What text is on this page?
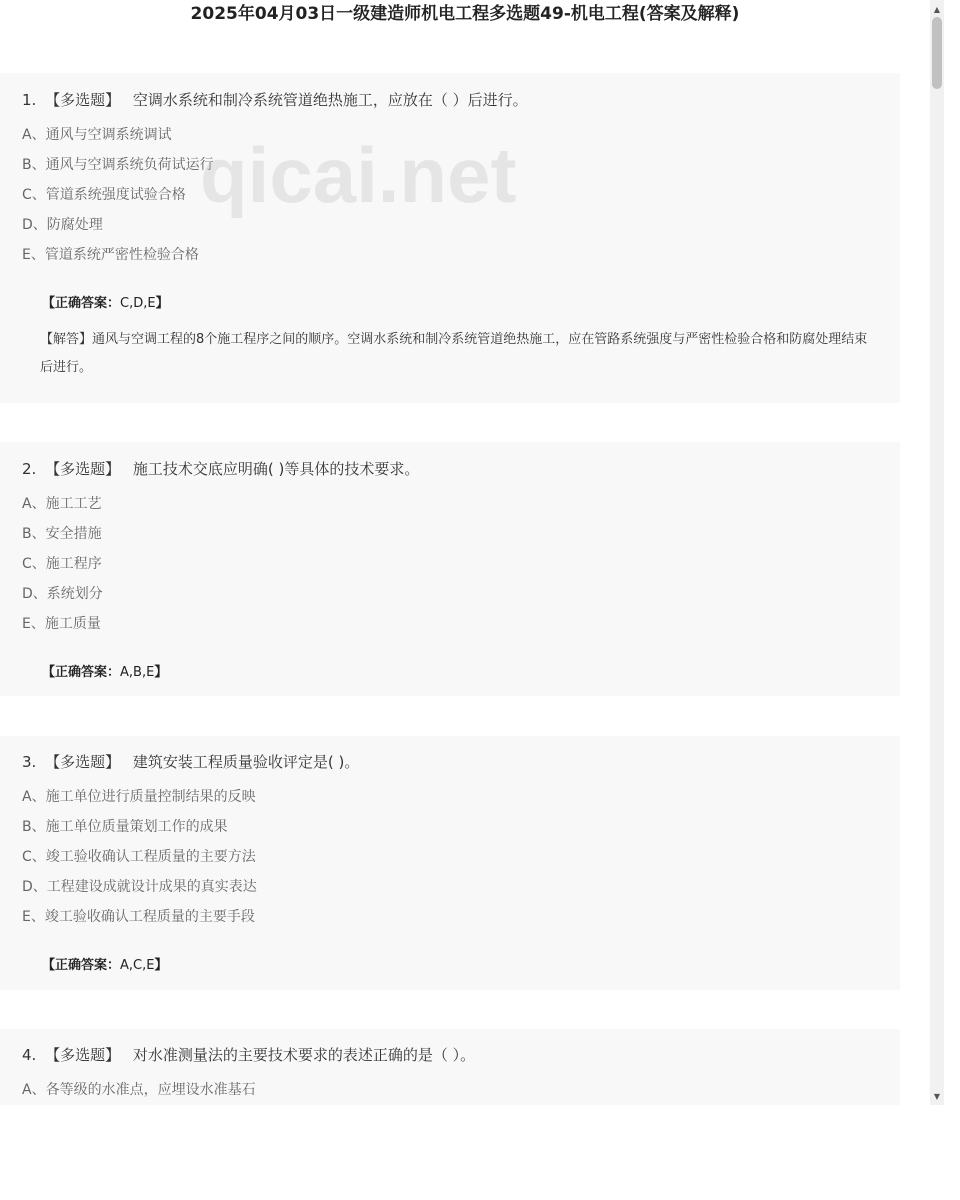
2025年04月03日一级建造师机电工程多选题49-机电工程(答案及解释)
1. 【多选题】 空调水系统和制冷系统管道绝热施工，应放在（ ）后进行。
A、通风与空调系统调试
B、通风与空调系统负荷试运行
C、管道系统强度试验合格
D、防腐处理
E、管道系统严密性检验合格
【正确答案：C,D,E】
【解答】通风与空调工程的8个施工程序之间的顺序。空调水系统和制冷系统管道绝热施工，应在管路系统强度与严密性检验合格和防腐处理结束后进行。
2. 【多选题】 施工技术交底应明确( )等具体的技术要求。
A、施工工艺
B、安全措施
C、施工程序
D、系统划分
E、施工质量
【正确答案：A,B,E】
3. 【多选题】 建筑安装工程质量验收评定是( )。
A、施工单位进行质量控制结果的反映
B、施工单位质量策划工作的成果
C、竣工验收确认工程质量的主要方法
D、工程建设成就设计成果的真实表达
E、竣工验收确认工程质量的主要手段
【正确答案：A,C,E】
4. 【多选题】 对水准测量法的主要技术要求的表述正确的是（ ）。
A、各等级的水准点，应埋设水准基石
qicai.net
▲
▼
